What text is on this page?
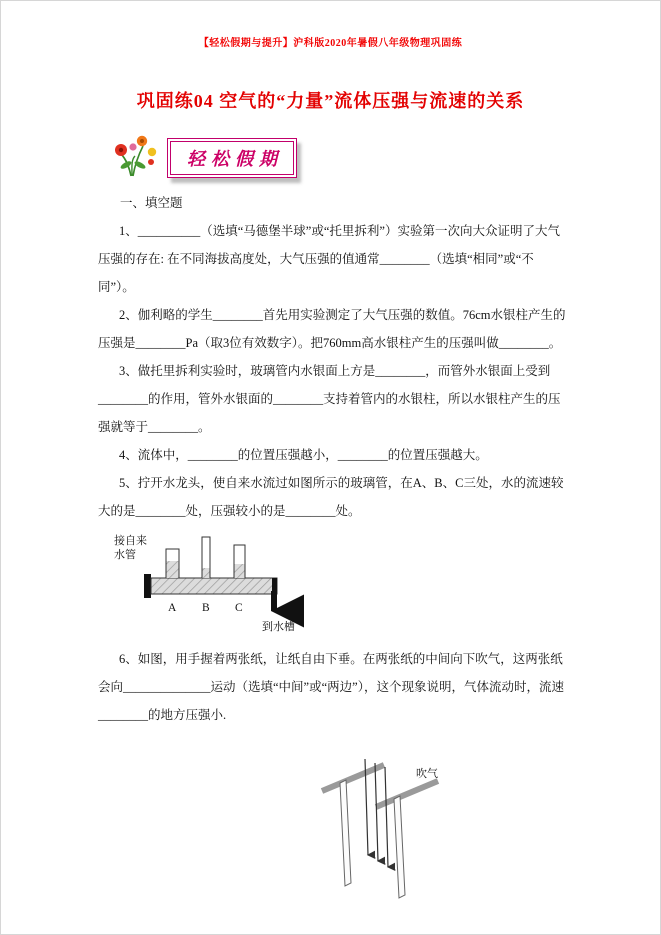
【轻松假期与提升】沪科版2020年暑假八年级物理巩固练
巩固练04 空气的“力量”流体压强与流速的关系
轻松假期
一、填空题

1、__________（选填“马德堡半球”或“托里拆利”）实验第一次向大众证明了大气压强的存在: 在不同海拔高度处，大气压强的值通常________（选填“相同”或“不同”）。

2、伽利略的学生________首先用实验测定了大气压强的数值。76cm水银柱产生的压强是________Pa（取3位有效数字）。把760mm高水银柱产生的压强叫做________。

3、做托里拆利实验时，玻璃管内水银面上方是________，而管外水银面上受到________的作用，管外水银面的________支持着管内的水银柱，所以水银柱产生的压强就等于________。

4、流体中，________的位置压强越小，________的位置压强越大。

5、拧开水龙头，使自来水流过如图所示的玻璃管，在A、B、C三处，水的流速较大的是________处，压强较小的是________处。

接自来
水管
A B C
到水槽

6、如图，用手握着两张纸，让纸自由下垂。在两张纸的中间向下吹气，这两张纸会向______________运动（选填“中间”或“两边”），这个现象说明，气体流动时，流速________的地方压强小.

吹气
